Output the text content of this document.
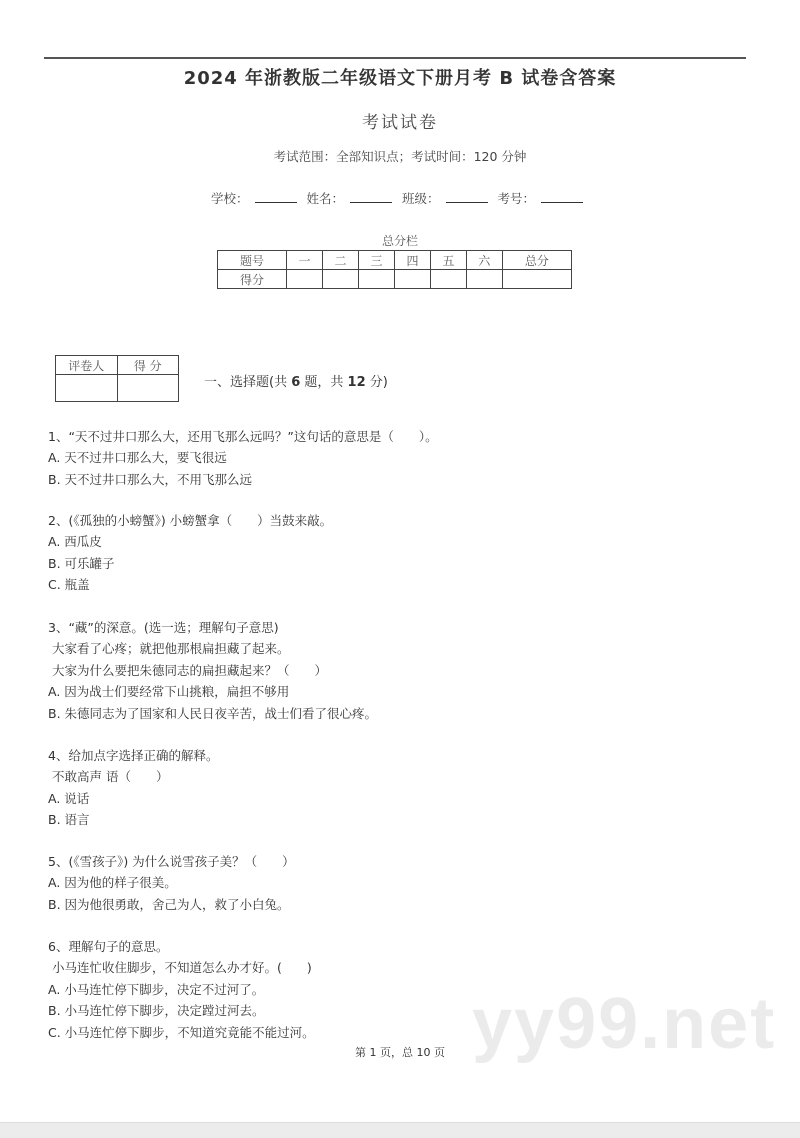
2024 年浙教版二年级语文下册月考 B 试卷含答案
考试试卷
考试范围：全部知识点；考试时间：120 分钟
学校：	姓名：	班级：	考号：
总分栏
题号	一	二	三	四	五	六	总分
得分							
评卷人	得 分

一、选择题(共 6 题，共 12 分)
1、“天不过井口那么大，还用飞那么远吗？”这句话的意思是（　　）。
A. 天不过井口那么大，要飞很远
B. 天不过井口那么大，不用飞那么远
2、(《孤独的小螃蟹》) 小螃蟹拿（　　）当鼓来敲。
A. 西瓜皮
B. 可乐罐子
C. 瓶盖
3、“藏”的深意。(选一选；理解句子意思)
大家看了心疼；就把他那根扁担藏了起来。
大家为什么要把朱德同志的扁担藏起来？（　　）
A. 因为战士们要经常下山挑粮，扁担不够用
B. 朱德同志为了国家和人民日夜辛苦，战士们看了很心疼。
4、给加点字选择正确的解释。
不敢高声 语（　　）
A. 说话
B. 语言
5、(《雪孩子》) 为什么说雪孩子美？（　　）
A. 因为他的样子很美。
B. 因为他很勇敢，舍己为人，救了小白兔。
6、理解句子的意思。
小马连忙收住脚步，不知道怎么办才好。(　　)
A. 小马连忙停下脚步，决定不过河了。
B. 小马连忙停下脚步，决定蹚过河去。
C. 小马连忙停下脚步，不知道究竟能不能过河。 yy99.net
第 1 页，总 10 页
